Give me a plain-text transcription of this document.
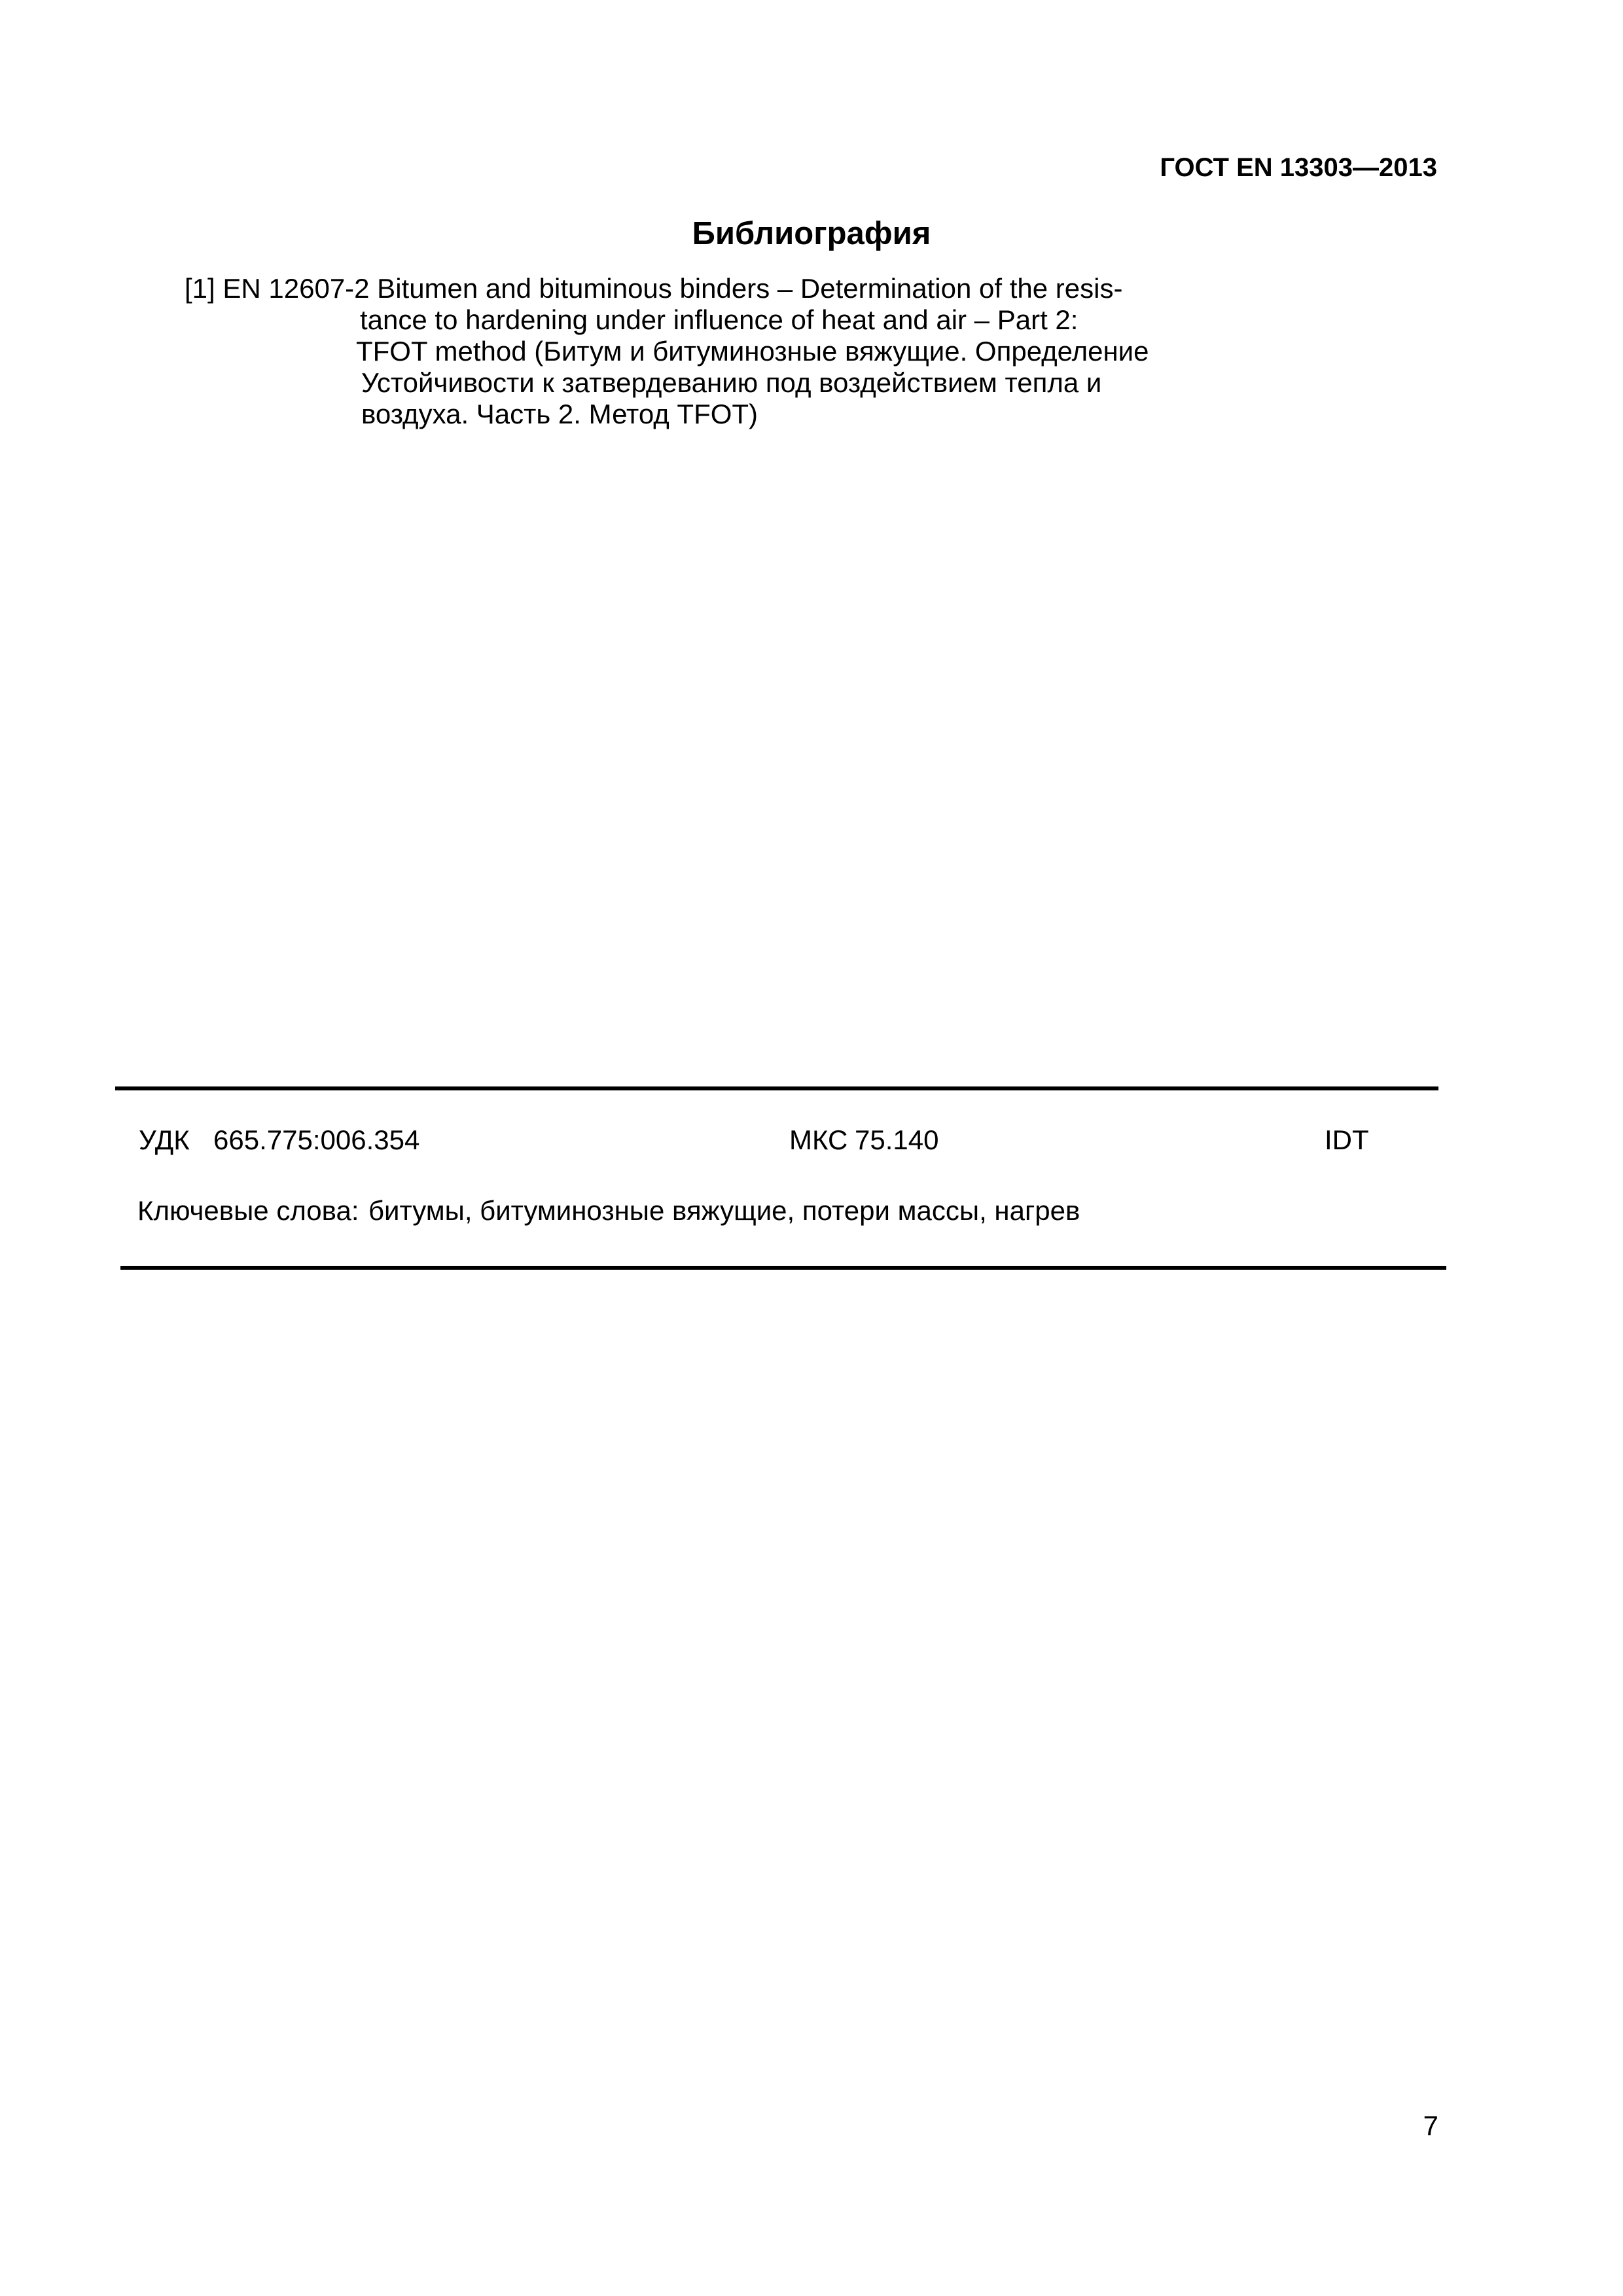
ГОСТ EN 13303—2013
Библиография
[1] EN 12607-2 Bitumen and bituminous binders – Determination of the resis-
tance to hardening under influence of heat and air – Part 2:
TFOT method (Битум и битуминозные вяжущие. Определение
Устойчивости к затвердеванию под воздействием тепла и
воздуха. Часть 2. Метод TFOT)
УДК 665.775:006.354	МКС 75.140	IDT
Ключевые слова: битумы, битуминозные вяжущие, потери массы, нагрев
7
